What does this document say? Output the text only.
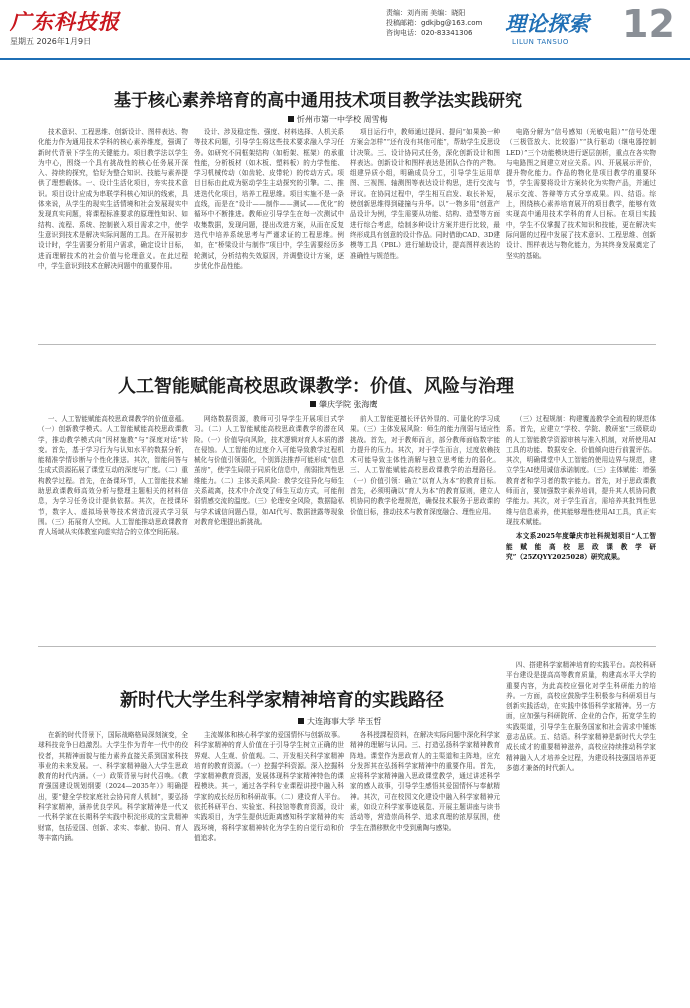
广东科技报
星期五 2026年1月9日
责编：刘肖雨 美编：晓阳
投稿邮箱：gdkjbg@163.com
咨询电话：020-83341306	理论探索
LILUN TANSUO 12
基于核心素养培育的高中通用技术项目教学法实践研究
忻州市第一中学校 周雪梅

技术意识、工程思维、创新设计、图样表达、物化能力作为通用技术学科的核心素养维度，强调了新时代背景下学生的关键能力。项目教学法以学生为中心，围绕一个具有挑战性的核心任务展开深入、持续的探究，恰好为整合知识、技能与素养提供了理想载体。一、设计生活化项目，夯实技术意识。项目设计应成为串联学科核心知识的线索，具体来说，从学生的现实生活情境和社会发展现实中发现真实问题，将课程标准要求的原理性知识、如结构、流程、系统、控制嵌入项目需求之中，使学生意识到技术是解决实际问题的工具。在开展初步设计时，学生需要分析用户需求，确定设计目标，进而理解技术的社会价值与伦理意义。在此过程中，学生意识到技术在解决问题中的重要作用。

设计、涉及稳定性、强度、材料选择、人机关系等技术问题，引导学生将这些技术要求融入学习任务。如研究不同框架结构（如桁架、框架）的承重性能，分析板材（如木板、塑料板）的力学性能、学习机械传动（如齿轮、皮带轮）的传动方式。项目目标由此成为驱动学生主动探究的引擎。二、推进迭代化项目，培养工程思维。项目实施不是一条直线，而是在“设计——制作——测试——优化”的循环中不断推进。教师应引导学生在每一次测试中收集数据，发现问题，提出改进方案，从而在反复迭代中培养系统思考与严谨求证的工程思维。例如，在“桥梁设计与制作”项目中，学生需要经历多轮测试，分析结构失效原因，并调整设计方案，逐步优化作品性能。

项目运行中，教师通过提问、提问“如果换一种方案会怎样”“还有没有其他可能”，帮助学生反思设计决策。三、设计协同式任务，深化创新设计和图样表达。创新设计和图样表达是团队合作的产物。组建异质小组，明确成员分工，引导学生运用草图、三视图、轴测图等表达设计构思，进行交流与评议。在协同过程中，学生相互启发、取长补短，使创新思维得到碰撞与升华。以“一物多用”创意产品设计为例，学生需要从功能、结构、造型等方面进行综合考虑，绘制多种设计方案并进行比较，最终形成具有创意的设计作品。同时借助CAD、3D建模等工具（PBL）进行辅助设计，提高图样表达的准确性与规范性。

电路分解为“信号感知（光敏电阻）”“信号处理（三极管放大、比较器）”“执行驱动（继电器控制LED）”三个功能模块进行逐层剖析，重点在各实物与电路图之间建立对应关系。四、开展展示评价，提升物化能力。作品的物化是项目教学的重要环节，学生需要将设计方案转化为实物产品，并通过展示交流、答辩等方式分享成果。四、结语。综上，围绕核心素养培育展开的项目教学，能够有效实现高中通用技术学科的育人目标。在项目实践中，学生不仅掌握了技术知识和技能，更在解决实际问题的过程中发展了技术意识、工程思维、创新设计、图样表达与物化能力，为其终身发展奠定了坚实的基础。

人工智能赋能高校思政课教学：价值、风险与治理
肇庆学院 张海鹰

一、人工智能赋能高校思政课教学的价值意蕴。（一）创新教学模式。人工智能赋能高校思政课教学，推动教学模式向“因材施教”与“深度对话”转变。首先，基于学习行为与认知水平的数据分析，能精准学情诊断与个性化推送。其次，智能问答与生成式资源拓展了课堂互动的深度与广度。（二）重构教学过程。首先，在备课环节，人工智能技术辅助思政课教师高效分析与整理主题相关的材料信息，为学习任务设计提供依据。其次，在授课环节，数字人、虚拟场景等技术营造沉浸式学习氛围。（三）拓展育人空间。人工智能推动思政课教育育人场域从实体教室向虚实结合的立体空间拓展。

网络数据资源，教师可引导学生开展项目式学习。（二）人工智能赋能高校思政课教学的潜在风险。（一）价值导向风险，技术逻辑对育人本质的潜在侵蚀。人工智能的过度介入可能导致教学过程机械化与价值引领弱化，个别算法推荐可能形成“信息茧房”，使学生局限于同质化信息中，削弱批判性思维能力。（二）主体关系风险：教学交往异化与师生关系疏离，技术中介改变了师生互动方式，可能削弱情感交流的温度。（三）伦理安全风险，数据隐私与学术诚信问题凸显，如AI代写、数据泄露等现象对教育伦理提出新挑战。

前人工智能更擅长评估外显的、可量化的学习成果。（三）主体发展风险：师生的能力削弱与适应性挑战。首先，对于教师而言，部分教师面临数字能力提升的压力。其次，对于学生而言，过度依赖技术可能导致主体性消解与独立思考能力的弱化。三、人工智能赋能高校思政课教学的治理路径。（一）价值引领：确立“以育人为本”的教育目标。首先，必须明确以“育人为本”的教育原则，建立人机协同的教学伦理规范，确保技术服务于思政课的价值目标，推动技术与教育深度融合、理性应用。

（三）过程规制：构建覆盖教学全流程的规范体系。首先，应建立“学校、学院、教研室”三级联动的人工智能教学资源审核与准入机制，对所使用AI工具的功能、数据安全、价值倾向进行前置评估。其次，明确课堂中人工智能的使用边界与规范，建立学生AI使用诚信承诺制度。（三）主体赋能：增强教育者和学习者的数字能力。首先，对于思政课教师而言，要加强数字素养培训，提升其人机协同教学能力。其次，对于学生而言，需培养其批判性思维与信息素养，使其能够理性使用AI工具，真正实现技术赋能。

本文系2025年度肇庆市社科规划项目“人工智能赋能高校思政课教学研究”（25ZQYY2025028）研究成果。

新时代大学生科学家精神培育的实践路径
大连海事大学 毕玉哲

在新的时代背景下，国际战略格局深刻演变，全球科技竞争日趋激烈。大学生作为青年一代中的佼佼者，其精神面貌与能力素养直接关系到国家科技事业的未来发展。一、科学家精神融入大学生思政教育的时代内涵。（一）政策背景与时代召唤。《教育强国建设规划纲要（2024—2035年）》明确提出，要“健全学校家庭社会协同育人机制”，要弘扬科学家精神，涵养优良学风。科学家精神是一代又一代科学家在长期科学实践中积淀形成的宝贵精神财富，包括爱国、创新、求实、奉献、协同、育人等丰富内涵。

主流媒体和核心科学家的爱国情怀与创新故事。科学家精神的育人价值在于引导学生树立正确的世界观、人生观、价值观。二、开发相关科学家精神培育的教育资源。（一）挖掘学科资源。深入挖掘科学家精神教育资源，发展体现科学家精神特色的课程模块。其一，通过各学科专业课程讲授中融入科学家的成长经历和科研故事。（二）建设育人平台。依托科研平台、实验室、科技馆等教育资源，设计实践项目，为学生提供近距离感知科学家精神的实践环境，将科学家精神转化为学生的自觉行动和价值追求。

各科授課程资料，在解决实际问题中深化科学家精神的理解与认同。三、打造弘扬科学家精神教育阵地。课堂作为思政育人的主渠道和主阵地，应充分发挥其在弘扬科学家精神中的重要作用。首先，应将科学家精神融入思政课堂教学，通过讲述科学家的感人故事，引导学生感悟其爱国情怀与奉献精神。其次，可在校园文化建设中融入科学家精神元素，如设立科学家事迹展览、开展主题讲座与读书活动等，营造崇尚科学、追求真理的浓厚氛围，使学生在潜移默化中受到熏陶与感染。

四、搭建科学家精神培育的实践平台。高校科研平台建设是提高高等教育质量，构建高水平大学的重要内容，为此高校应强化对学生科研能力的培养。一方面，高校应鼓励学生积极参与科研项目与创新实践活动，在实践中体悟科学家精神。另一方面，应加强与科研院所、企业的合作，拓宽学生的实践渠道，引导学生在服务国家和社会需求中锤炼意志品质。五、结语。科学家精神是新时代大学生成长成才的重要精神滋养，高校应持续推动科学家精神融入人才培养全过程，为建设科技强国培养更多德才兼备的时代新人。
